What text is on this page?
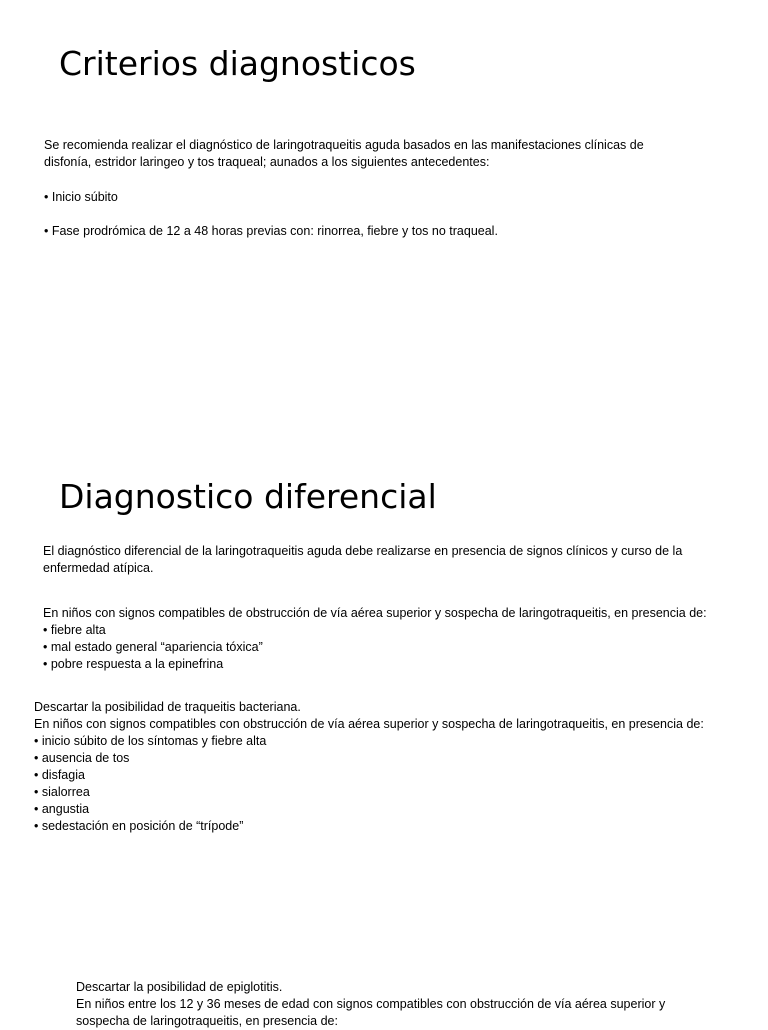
Criterios diagnosticos
Se recomienda realizar el diagnóstico de laringotraqueitis aguda basados en las manifestaciones clínicas de
disfonía, estridor laringeo y tos traqueal; aunados a los siguientes antecedentes:
• Inicio súbito
• Fase prodrómica de 12 a 48 horas previas con: rinorrea, fiebre y tos no traqueal.
Diagnostico diferencial
El diagnóstico diferencial de la laringotraqueitis aguda debe realizarse en presencia de signos clínicos y curso de la
enfermedad atípica.
En niños con signos compatibles de obstrucción de vía aérea superior y sospecha de laringotraqueitis, en presencia de:
• fiebre alta
• mal estado general “apariencia tóxica”
• pobre respuesta a la epinefrina
Descartar la posibilidad de traqueitis bacteriana.
En niños con signos compatibles con obstrucción de vía aérea superior y sospecha de laringotraqueitis, en presencia de:
• inicio súbito de los síntomas y fiebre alta
• ausencia de tos
• disfagia
• sialorrea
• angustia
• sedestación en posición de “trípode”
Descartar la posibilidad de epiglotitis.
En niños entre los 12 y 36 meses de edad con signos compatibles con obstrucción de vía aérea superior y
sospecha de laringotraqueitis, en presencia de:
